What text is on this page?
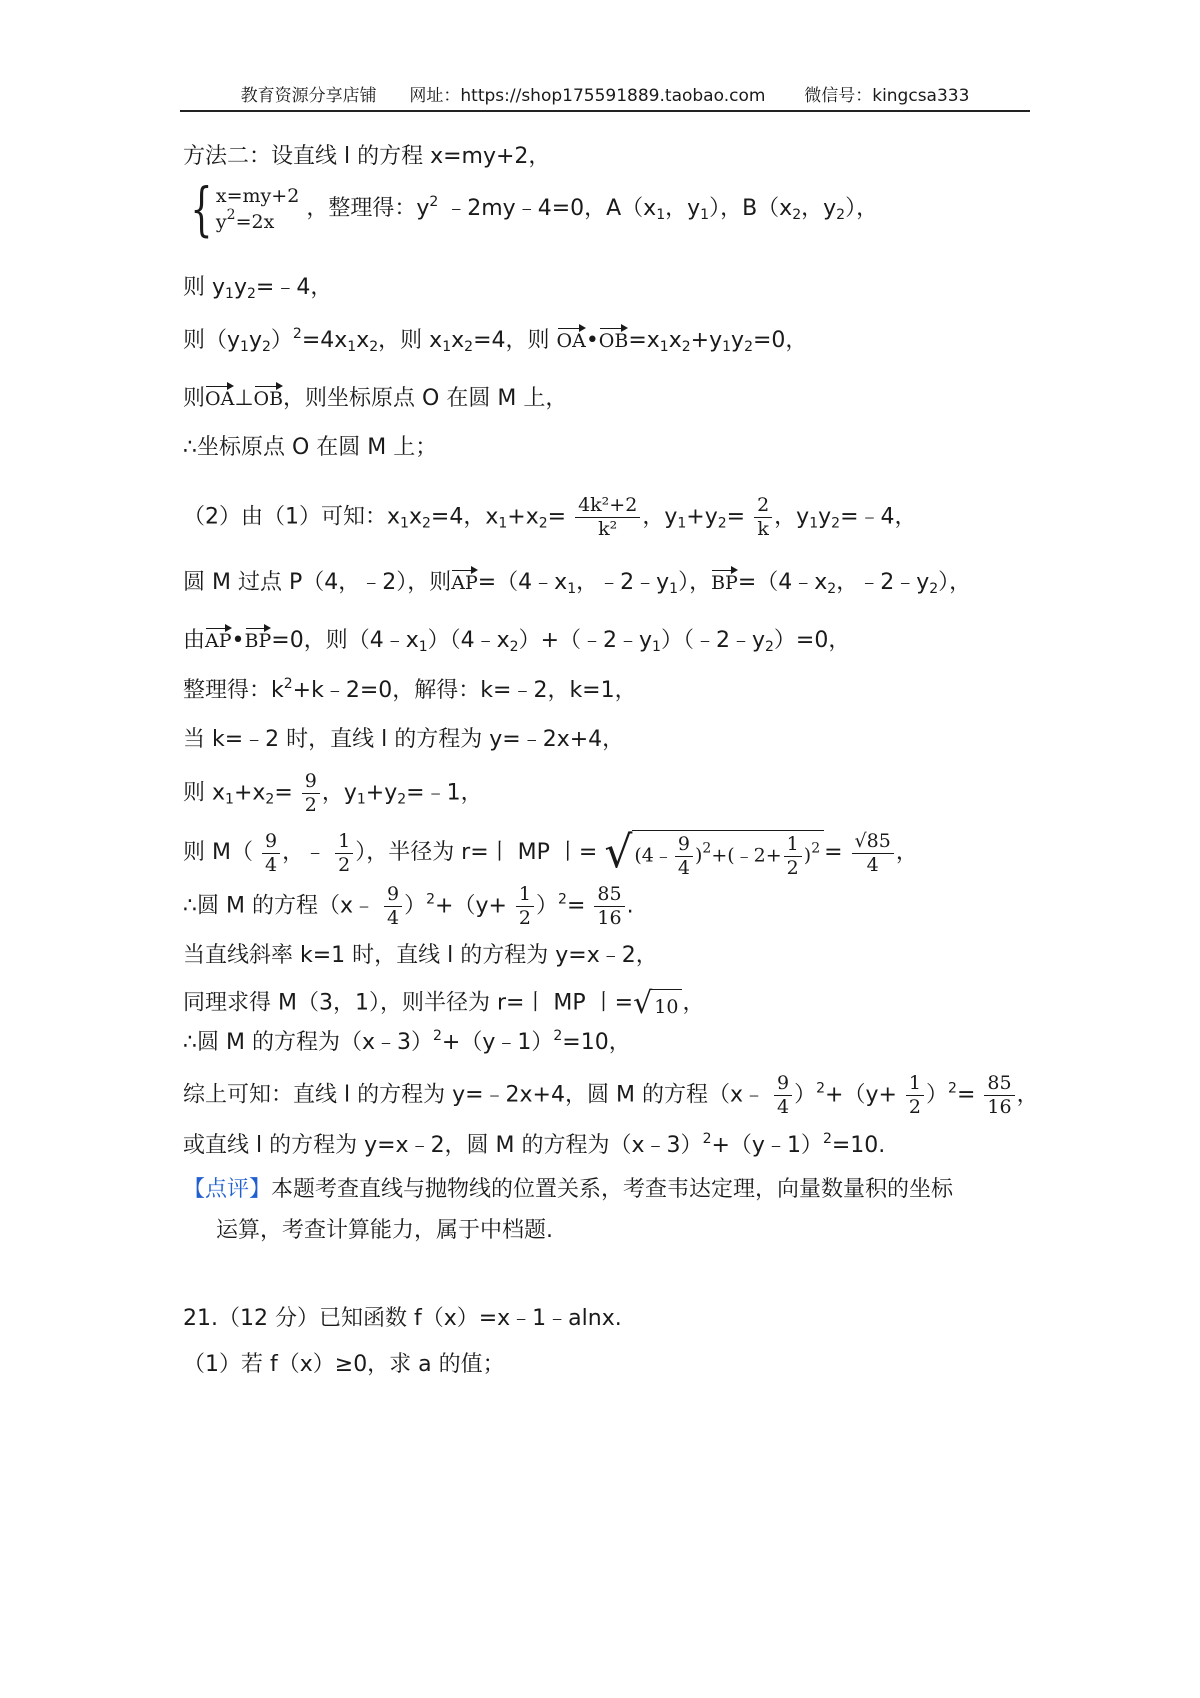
教育资源分享店铺 网址：https://shop175591889.taobao.com 微信号：kingcsa333
方法二：设直线 l 的方程 x=my+2，
{ x=my+2
$y^2=2x$
，整理得：$y^2$ ﹣2my﹣4=0，$A(x_1$，$y_1$），$B(x_2$，$y_2$），
则 $y_1y_2=﹣4$，
则$(y_1y_2)^2=4x_1x_2$，则 $x_1x_2=4$，则 $OA•OB=x_1x_2+y_1y_2=0$，
则OA⊥OB，则坐标原点 O 在圆 M 上，
∴坐标原点 O 在圆 M 上；
（2）由（1）可知：$x_1x_2=4$，$x_1+x_2= \frac{\text{4k²+2}}{\text{k²}}$ ，$y_1+y_2= \frac{2}{k}$ ，$y_1y_2=﹣4$，
圆 M 过点 P（4，﹣2），则$AP=(4﹣x_1$，$﹣2﹣y_1$），$BP=(4﹣x_2$，$﹣2﹣y_2$），
由AP•BP=0，则$(4﹣x_1)(4﹣x_2)+(﹣2﹣y_1)(﹣2﹣y_2)=0$，
整理得：$k^2+k﹣2=0$，解得：k=﹣2，k=1，
当 k=﹣2 时，直线 l 的方程为 y=﹣2x+4，
则 $x_1+x_2= \frac{9}{2}$ ，$y_1+y_2=﹣1$，
则 $M( \frac{9}{4}$ ，﹣ $\frac{1}{2}$ ），半径为 r=丨 MP 丨= √ (4﹣ $\frac{9}{4}$ )$^2$+(﹣2+ $\frac{1}{2} )^2 = \frac{√85}{4}$ ，
∴圆 M 的方程（x﹣ $\frac{9}{4} )^2+(y+ \frac{1}{2} )^2= \frac{85}{16}$ .
当直线斜率 k=1 时，直线 l 的方程为 y=x﹣2，
同理求得 M（3，1），则半径为 r=丨 MP 丨= √ 10 ，
∴圆 M 的方程为（x﹣3）$^2$+（y﹣1）$^2$=10，
综上可知：直线 l 的方程为 y=﹣2x+4，圆 M 的方程（x﹣ $\frac{9}{4} )^2+(y+ \frac{1}{2} )^2= \frac{85}{16}$ ，
或直线 l 的方程为 y=x﹣2，圆 M 的方程为（x﹣3）$^2$+（y﹣1）$^2$=10.
【点评】本题考查直线与抛物线的位置关系，考查韦达定理，向量数量积的坐标
运算，考查计算能力，属于中档题.
21.（12 分）已知函数 f（x）=x﹣1﹣alnx.
（1）若 f（x）≥0，求 a 的值；
